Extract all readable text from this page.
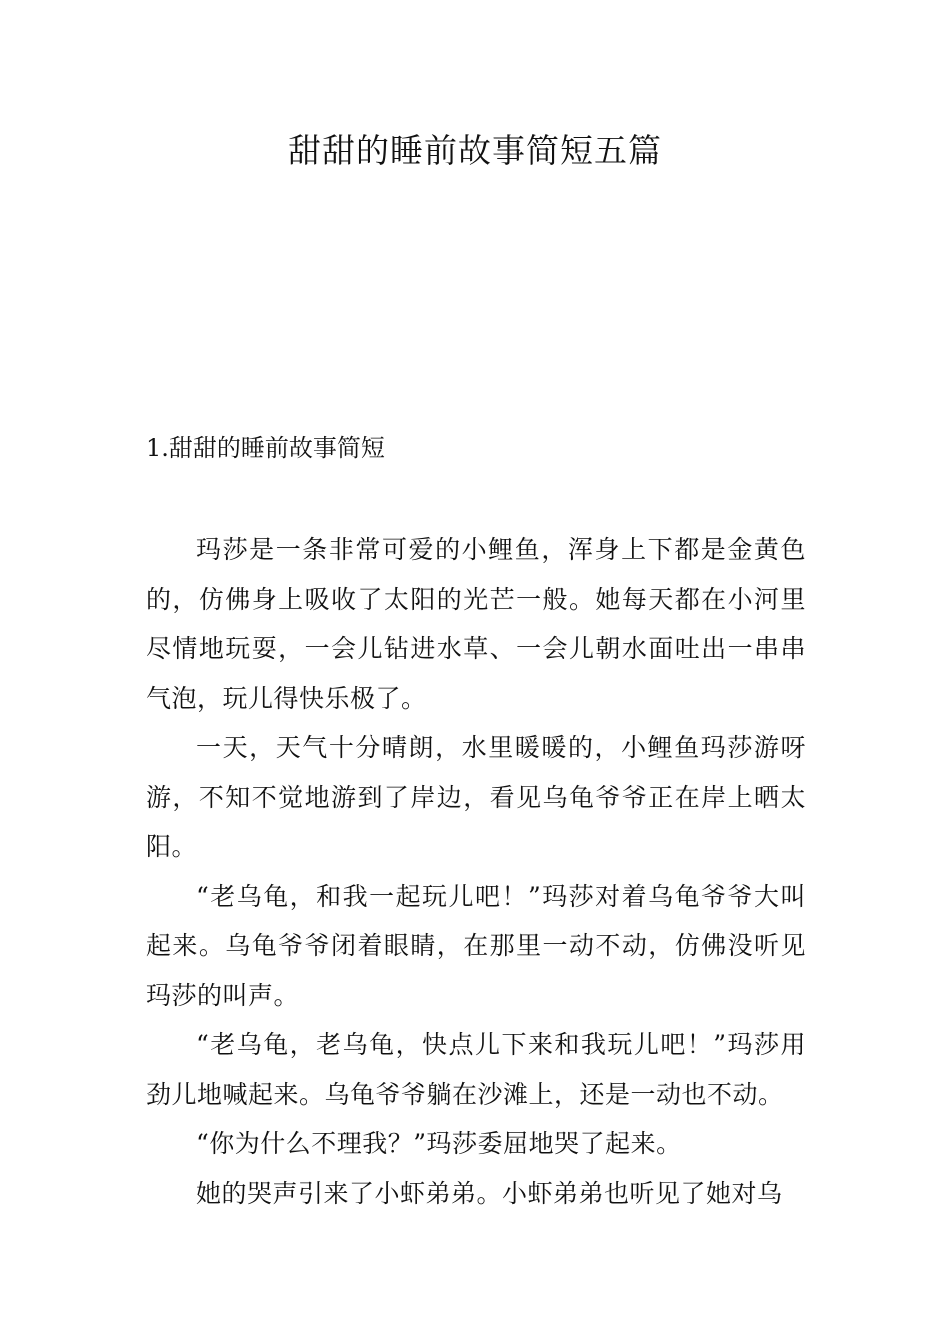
甜甜的睡前故事简短五篇
1.甜甜的睡前故事简短

玛莎是一条非常可爱的小鲤鱼，浑身上下都是金黄色的，仿佛身上吸收了太阳的光芒一般。她每天都在小河里尽情地玩耍，一会儿钻进水草、一会儿朝水面吐出一串串气泡，玩儿得快乐极了。

一天，天气十分晴朗，水里暖暖的，小鲤鱼玛莎游呀游，不知不觉地游到了岸边，看见乌龟爷爷正在岸上晒太阳。

“老乌龟，和我一起玩儿吧！”玛莎对着乌龟爷爷大叫起来。乌龟爷爷闭着眼睛，在那里一动不动，仿佛没听见玛莎的叫声。

“老乌龟，老乌龟，快点儿下来和我玩儿吧！”玛莎用劲儿地喊起来。乌龟爷爷躺在沙滩上，还是一动也不动。

“你为什么不理我？”玛莎委屈地哭了起来。

她的哭声引来了小虾弟弟。小虾弟弟也听见了她对乌
